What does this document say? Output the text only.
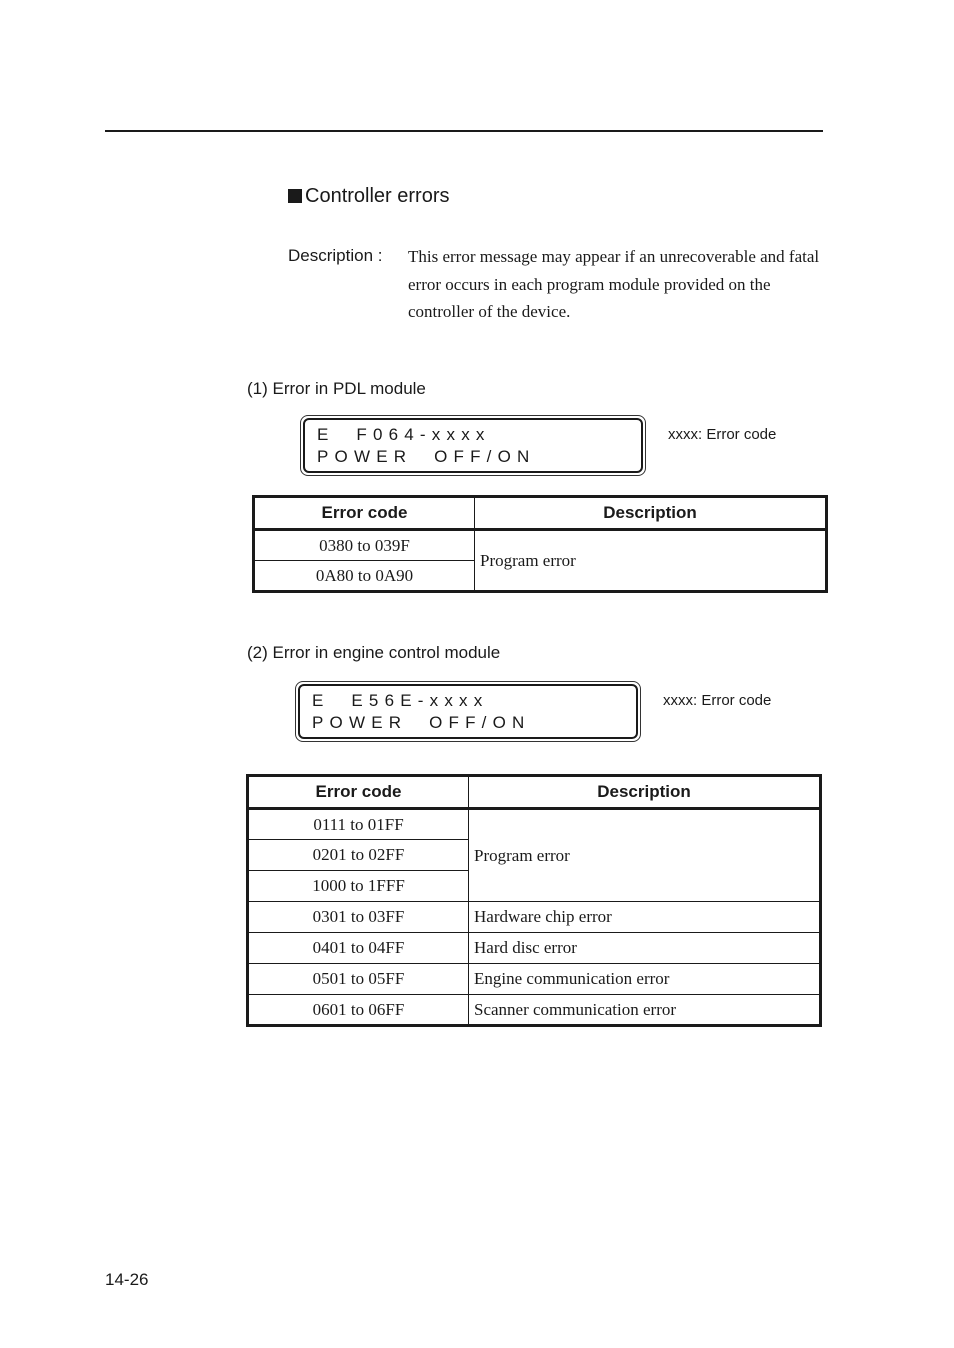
Controller errors
Description : This error message may appear if an unrecoverable and fatal error occurs in each program module provided on the controller of the device.
(1) Error in PDL module
E  F064-xxxx
POWER  OFF/ON
xxxx: Error code
Error code	Description
0380 to 039F	Program error
0A80 to 0A90	
(2) Error in engine control module
E  E56E-xxxx
POWER  OFF/ON
xxxx: Error code
Error code	Description
0111 to 01FF	Program error
0201 to 02FF	
1000 to 1FFF	
0301 to 03FF	Hardware chip error
0401 to 04FF	Hard disc error
0501 to 05FF	Engine communication error
0601 to 06FF	Scanner communication error
14-26
